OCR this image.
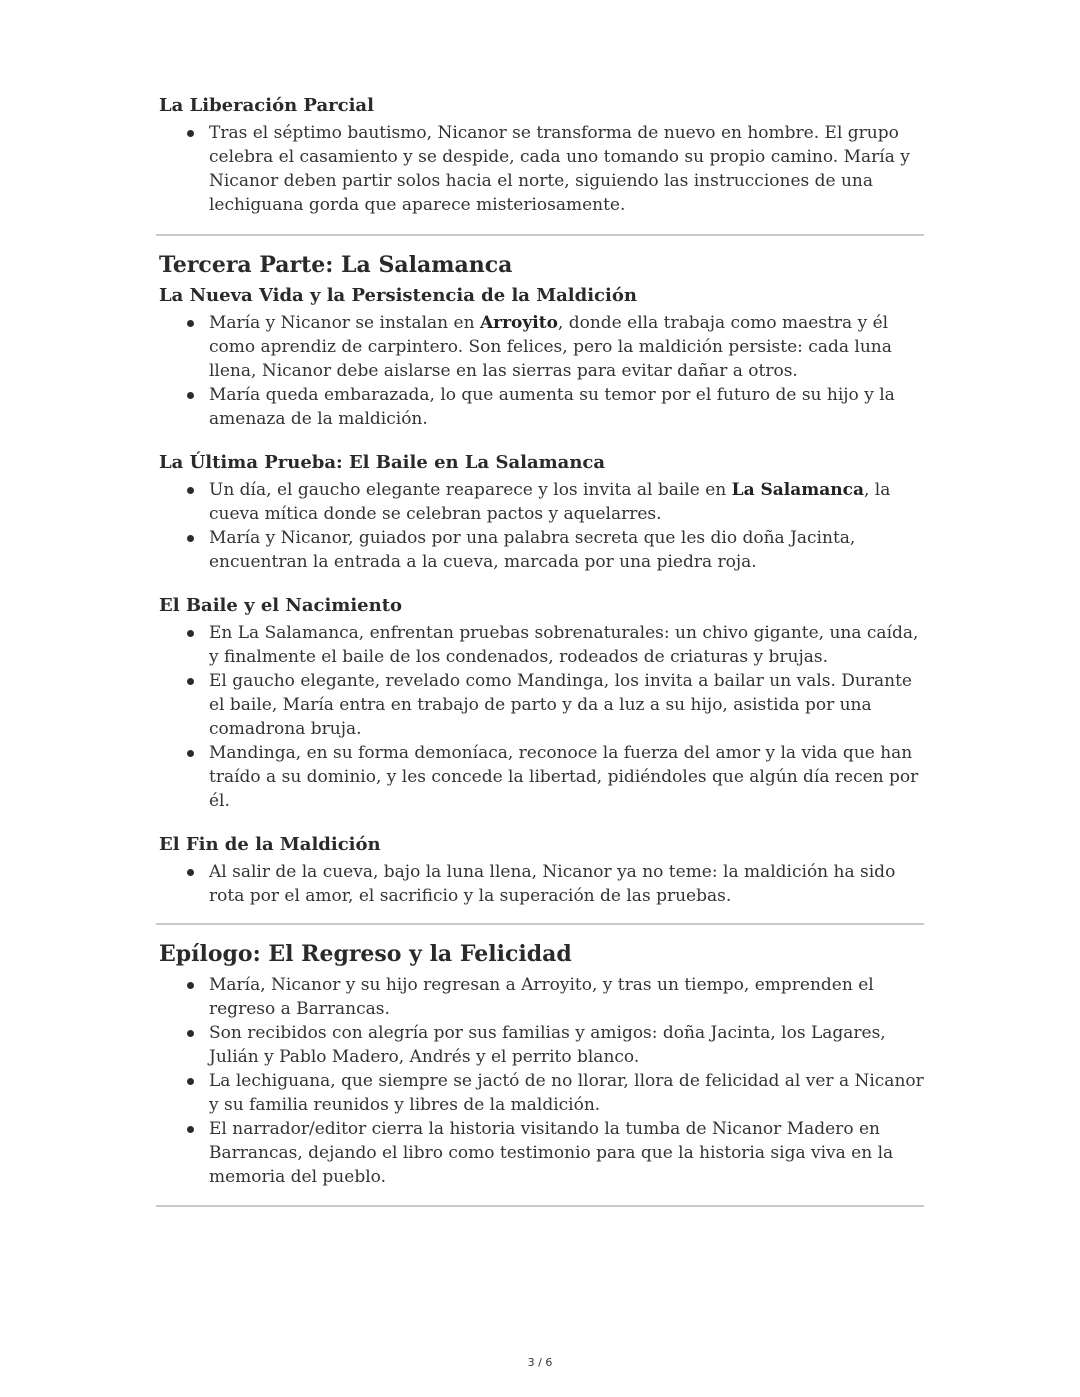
La Liberación Parcial
Tras el séptimo bautismo, Nicanor se transforma de nuevo en hombre. El grupo celebra el casamiento y se despide, cada uno tomando su propio camino. María y Nicanor deben partir solos hacia el norte, siguiendo las instrucciones de una lechiguana gorda que aparece misteriosamente.
Tercera Parte: La Salamanca
La Nueva Vida y la Persistencia de la Maldición
María y Nicanor se instalan en Arroyito, donde ella trabaja como maestra y él como aprendiz de carpintero. Son felices, pero la maldición persiste: cada luna llena, Nicanor debe aislarse en las sierras para evitar dañar a otros.
María queda embarazada, lo que aumenta su temor por el futuro de su hijo y la amenaza de la maldición.
La Última Prueba: El Baile en La Salamanca
Un día, el gaucho elegante reaparece y los invita al baile en La Salamanca, la cueva mítica donde se celebran pactos y aquelarres.
María y Nicanor, guiados por una palabra secreta que les dio doña Jacinta, encuentran la entrada a la cueva, marcada por una piedra roja.
El Baile y el Nacimiento
En La Salamanca, enfrentan pruebas sobrenaturales: un chivo gigante, una caída, y finalmente el baile de los condenados, rodeados de criaturas y brujas.
El gaucho elegante, revelado como Mandinga, los invita a bailar un vals. Durante el baile, María entra en trabajo de parto y da a luz a su hijo, asistida por una comadrona bruja.
Mandinga, en su forma demoníaca, reconoce la fuerza del amor y la vida que han traído a su dominio, y les concede la libertad, pidiéndoles que algún día recen por él.
El Fin de la Maldición
Al salir de la cueva, bajo la luna llena, Nicanor ya no teme: la maldición ha sido rota por el amor, el sacrificio y la superación de las pruebas.
Epílogo: El Regreso y la Felicidad
María, Nicanor y su hijo regresan a Arroyito, y tras un tiempo, emprenden el regreso a Barrancas.
Son recibidos con alegría por sus familias y amigos: doña Jacinta, los Lagares, Julián y Pablo Madero, Andrés y el perrito blanco.
La lechiguana, que siempre se jactó de no llorar, llora de felicidad al ver a Nicanor y su familia reunidos y libres de la maldición.
El narrador/editor cierra la historia visitando la tumba de Nicanor Madero en Barrancas, dejando el libro como testimonio para que la historia siga viva en la memoria del pueblo.
3 / 6
